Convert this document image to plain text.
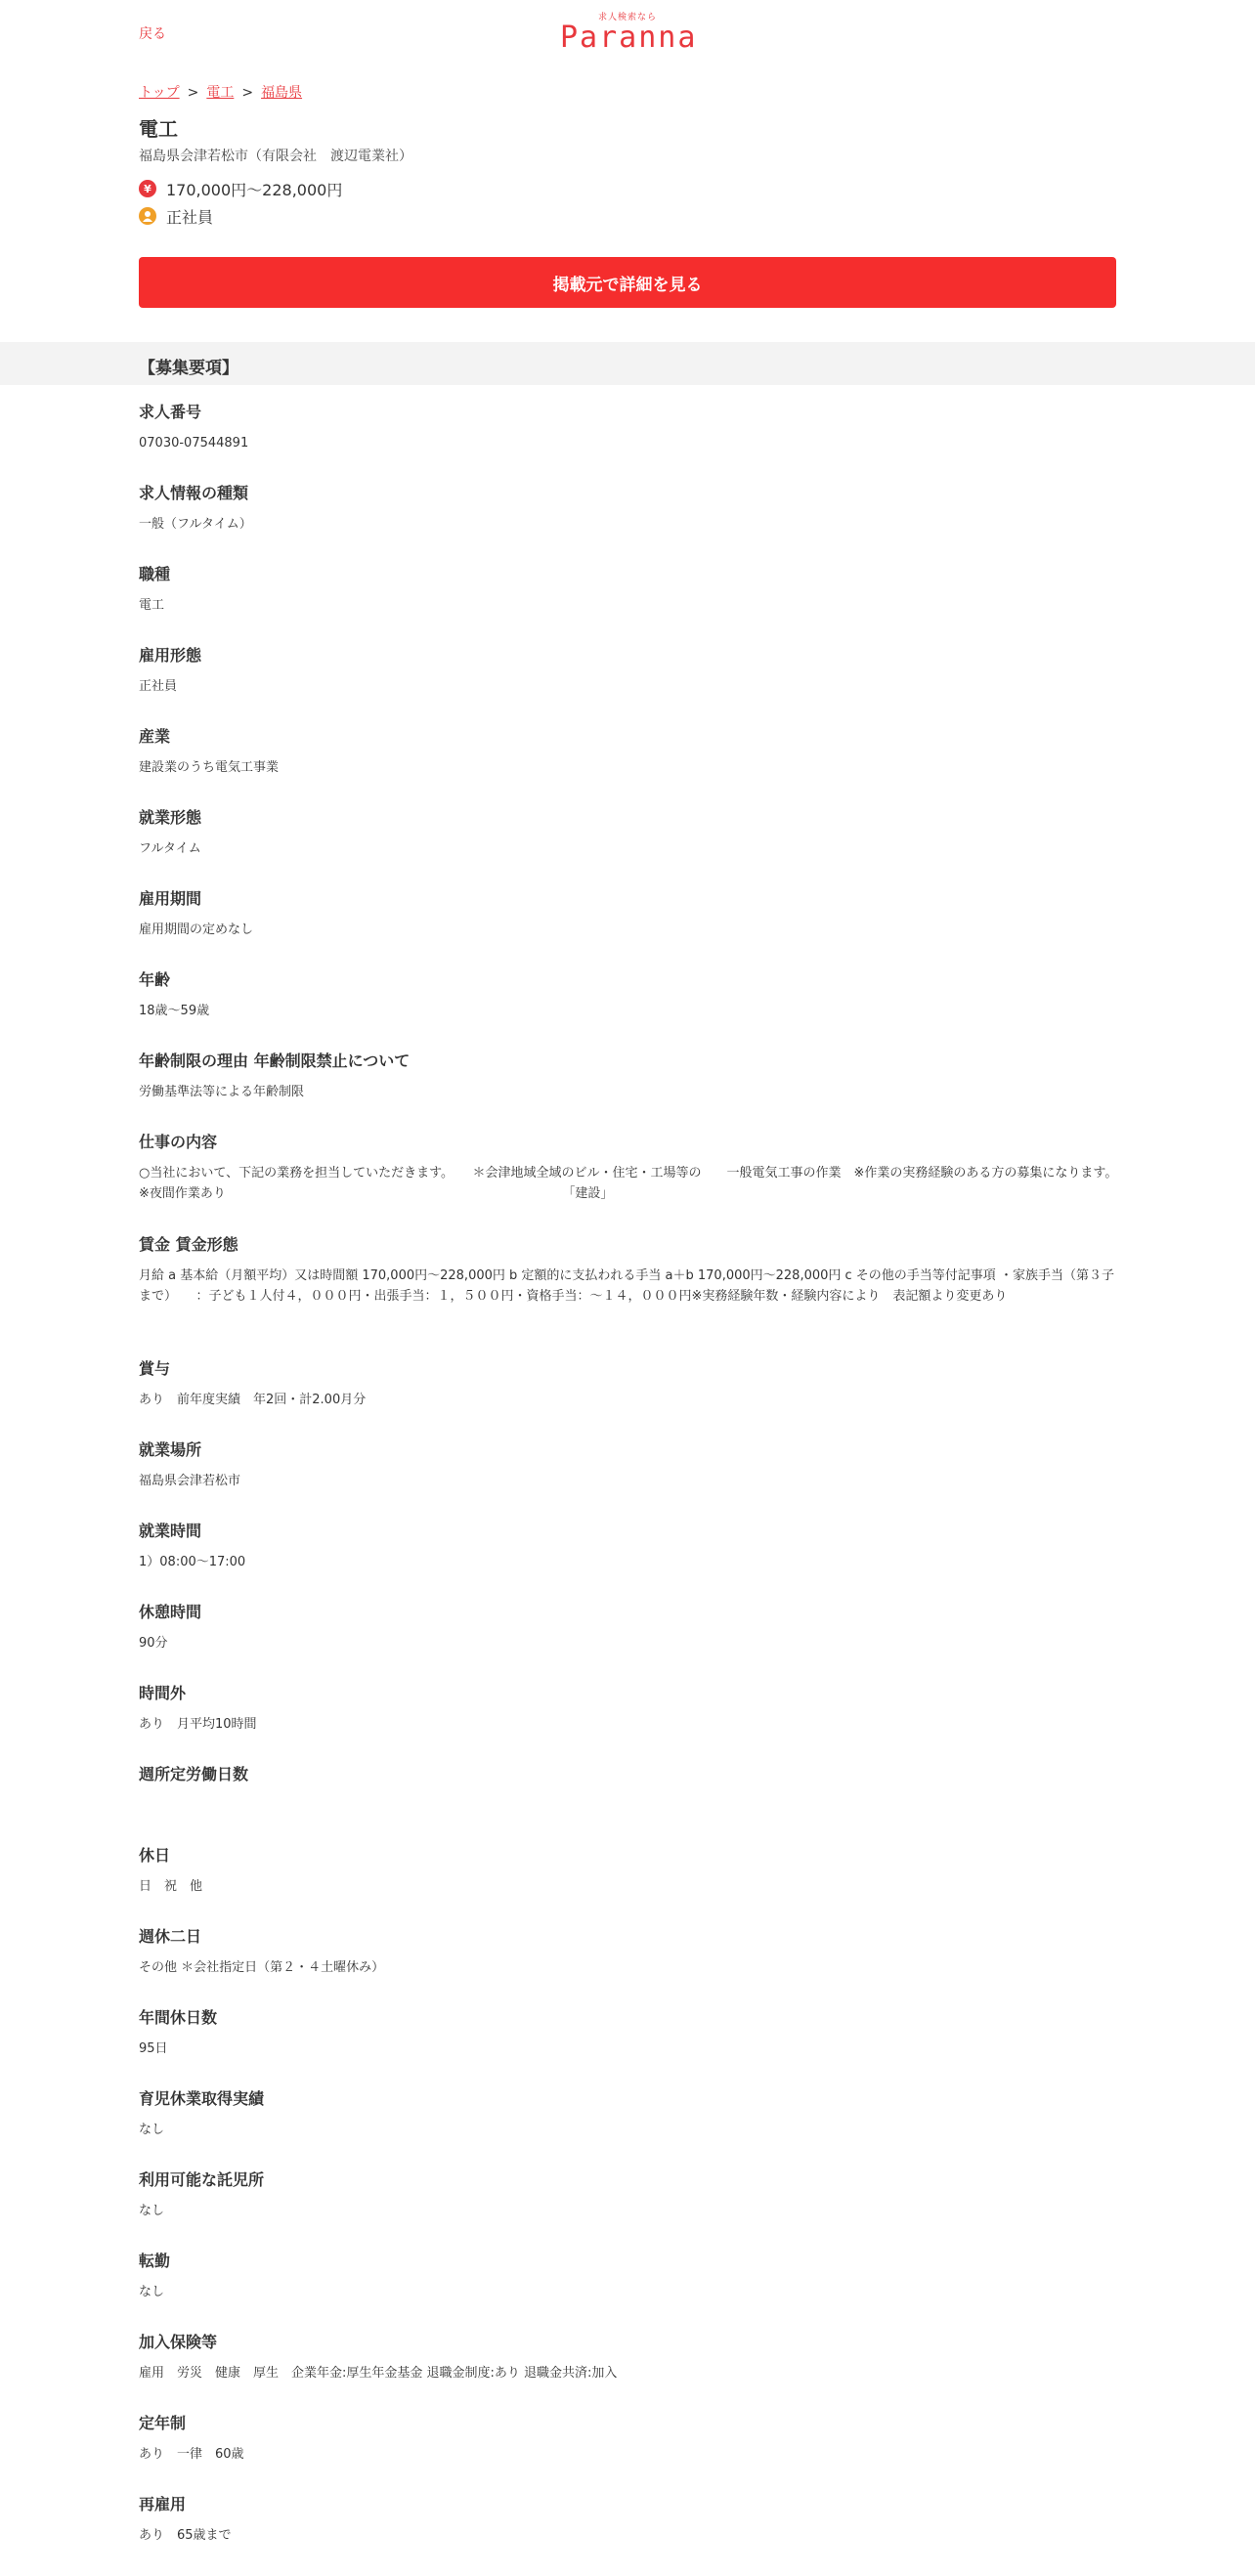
戻る
求人検索なら
Paranna
トップ > 電工 > 福島県
電工
福島県会津若松市（有限会社　渡辺電業社）
¥ 170,000円～228,000円
正社員
掲載元で詳細を見る
【募集要項】
求人番号
07030-07544891
求人情報の種類
一般（フルタイム）
職種
電工
雇用形態
正社員
産業
建設業のうち電気工事業
就業形態
フルタイム
雇用期間
雇用期間の定めなし
年齢
18歳～59歳
年齢制限の理由 年齢制限禁止について
労働基準法等による年齢制限
仕事の内容
○当社において、下記の業務を担当していただきます。　　＊会津地域全域のビル・住宅・工場等の　　一般電気工事の作業　※作業の実務経験のある方の募集になります。　※夜間作業あり　　　　　　　　　　　　　　　　　　　　　　　　　　　「建設」
賃金 賃金形態
月給 a 基本給（月額平均）又は時間額 170,000円～228,000円 b 定額的に支払われる手当 a＋b 170,000円～228,000円 c その他の手当等付記事項 ・家族手当（第３子まで）　　：子ども１人付４，０００円・出張手当：１，５００円・資格手当：～１４，０００円※実務経験年数・経験内容により　表記額より変更あり
賞与
あり　前年度実績　年2回・計2.00月分
就業場所
福島県会津若松市
就業時間
1）08:00～17:00
休憩時間
90分
時間外
あり　月平均10時間
週所定労働日数
休日
日　祝　他
週休二日
その他 ＊会社指定日（第２・４土曜休み）
年間休日数
95日
育児休業取得実績
なし
利用可能な託児所
なし
転勤
なし
加入保険等
雇用　労災　健康　厚生　企業年金:厚生年金基金 退職金制度:あり 退職金共済:加入
定年制
あり　一律　60歳
再雇用
あり　65歳まで
